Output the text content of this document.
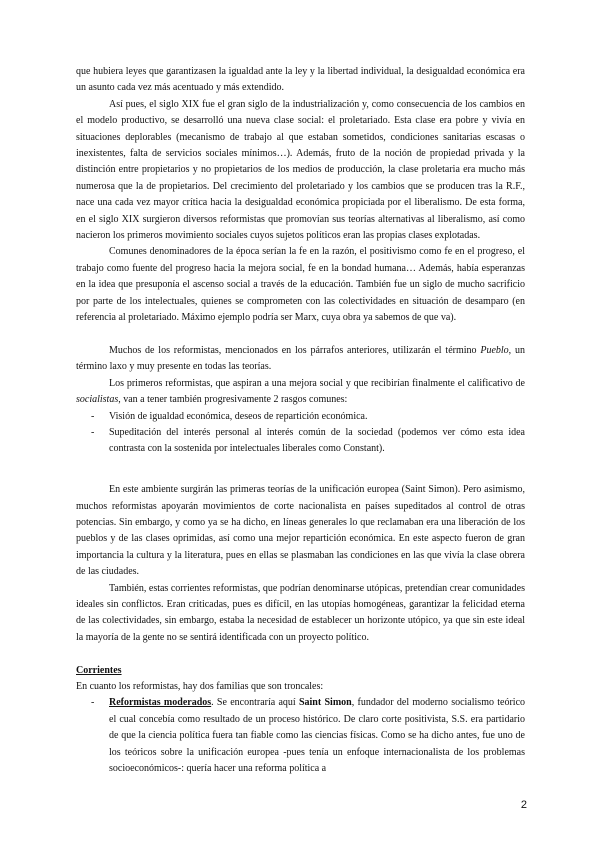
que hubiera leyes que garantizasen la igualdad ante la ley y la libertad individual, la desigualdad económica era un asunto cada vez más acentuado y más extendido.

Así pues, el siglo XIX fue el gran siglo de la industrialización y, como consecuencia de los cambios en el modelo productivo, se desarrolló una nueva clase social: el proletariado. Esta clase era pobre y vivía en situaciones deplorables (mecanismo de trabajo al que estaban sometidos, condiciones sanitarias escasas o inexistentes, falta de servicios sociales mínimos…). Además, fruto de la noción de propiedad privada y la distinción entre propietarios y no propietarios de los medios de producción, la clase proletaria era mucho más numerosa que la de propietarios. Del crecimiento del proletariado y los cambios que se producen tras la R.F., nace una cada vez mayor crítica hacia la desigualdad económica propiciada por el liberalismo. De esta forma, en el siglo XIX surgieron diversos reformistas que promovían sus teorías alternativas al liberalismo, así como nacieron los primeros movimiento sociales cuyos sujetos políticos eran las propias clases explotadas.

Comunes denominadores de la época serían la fe en la razón, el positivismo como fe en el progreso, el trabajo como fuente del progreso hacia la mejora social, fe en la bondad humana… Además, había esperanzas en la idea que presuponía el ascenso social a través de la educación. También fue un siglo de mucho sacrificio por parte de los intelectuales, quienes se comprometen con las colectividades en situación de desamparo (en referencia al proletariado. Máximo ejemplo podría ser Marx, cuya obra ya sabemos de que va).

Muchos de los reformistas, mencionados en los párrafos anteriores, utilizarán el término Pueblo, un término laxo y muy presente en todas las teorías.

Los primeros reformistas, que aspiran a una mejora social y que recibirían finalmente el calificativo de socialistas, van a tener también progresivamente 2 rasgos comunes:

- Visión de igualdad económica, deseos de repartición económica.
- Supeditación del interés personal al interés común de la sociedad (podemos ver cómo esta idea contrasta con la sostenida por intelectuales liberales como Constant).

En este ambiente surgirán las primeras teorías de la unificación europea (Saint Simon). Pero asimismo, muchos reformistas apoyarán movimientos de corte nacionalista en países supeditados al control de otras potencias. Sin embargo, y como ya se ha dicho, en líneas generales lo que reclamaban era una liberación de los pueblos y de las clases oprimidas, así como una mejor repartición económica. En este aspecto fueron de gran importancia la cultura y la literatura, pues en ellas se plasmaban las condiciones en las que vivía la clase obrera de las ciudades.

También, estas corrientes reformistas, que podrían denominarse utópicas, pretendían crear comunidades ideales sin conflictos. Eran criticadas, pues es difícil, en las utopías homogéneas, garantizar la felicidad eterna de las colectividades, sin embargo, estaba la necesidad de establecer un horizonte utópico, ya que sin este ideal la mayoría de la gente no se sentirá identificada con un proyecto político.

Corrientes

En cuanto los reformistas, hay dos familias que son troncales:

- Reformistas moderados. Se encontraría aquí Saint Simon, fundador del moderno socialismo teórico el cual concebía como resultado de un proceso histórico. De claro corte positivista, S.S. era partidario de que la ciencia política fuera tan fiable como las ciencias físicas. Como se ha dicho antes, fue uno de los teóricos sobre la unificación europea -pues tenía un enfoque internacionalista de los problemas socioeconómicos-: quería hacer una reforma política a
2
